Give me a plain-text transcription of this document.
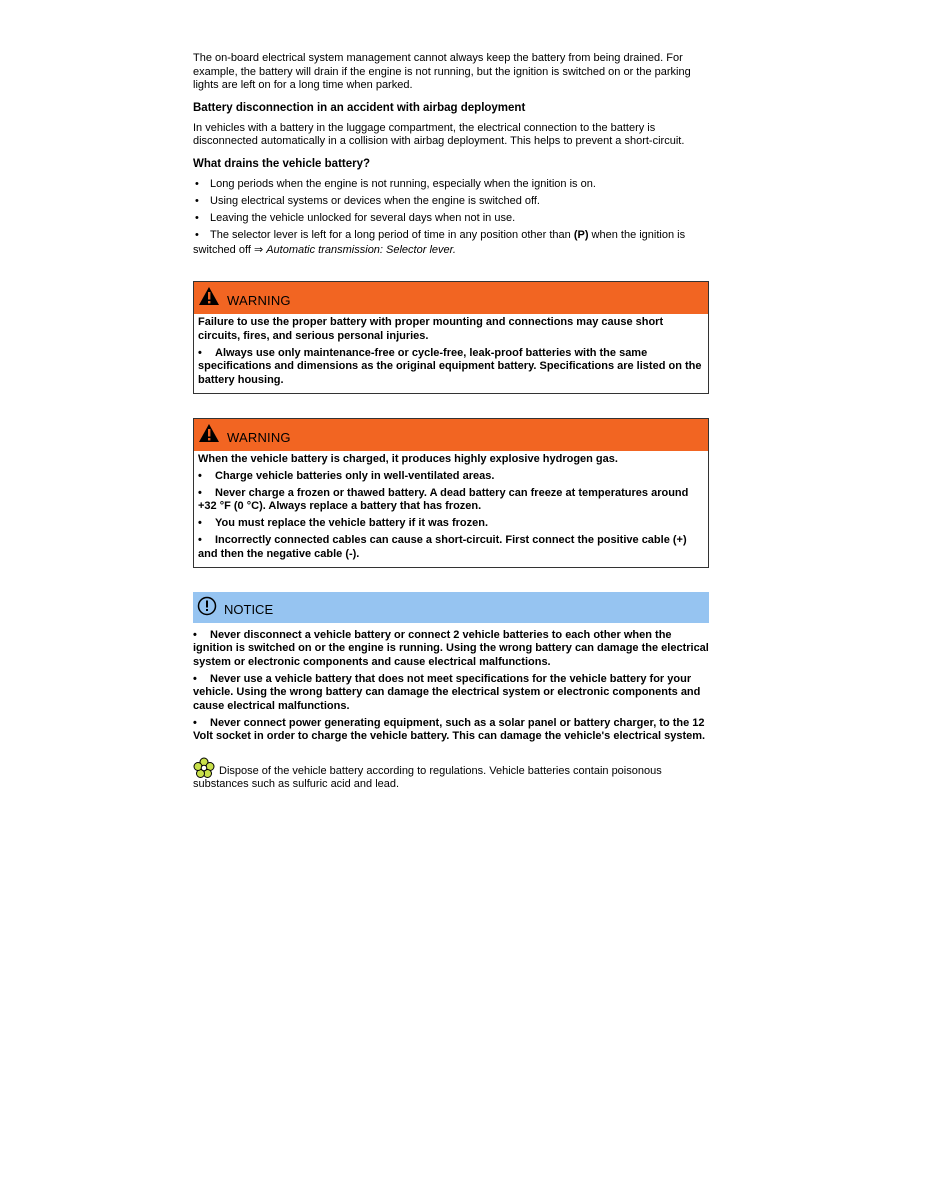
The on-board electrical system management cannot always keep the battery from being drained. For example, the battery will drain if the engine is not running, but the ignition is switched on or the parking lights are left on for a long time when parked.

Battery disconnection in an accident with airbag deployment

In vehicles with a battery in the luggage compartment, the electrical connection to the battery is disconnected automatically in a collision with airbag deployment. This helps to prevent a short-circuit.

What drains the vehicle battery?
• Long periods when the engine is not running, especially when the ignition is on.
• Using electrical systems or devices when the engine is switched off.
• Leaving the vehicle unlocked for several days when not in use.
• The selector lever is left for a long period of time in any position other than (P) when the ignition is

switched off ⇒ Automatic transmission: Selector lever.

WARNING

Failure to use the proper battery with proper mounting and connections may cause short circuits, fires, and serious personal injuries.

• Always use only maintenance-free or cycle-free, leak-proof batteries with the same specifications and dimensions as the original equipment battery. Specifications are listed on the battery housing.

WARNING

When the vehicle battery is charged, it produces highly explosive hydrogen gas.

• Charge vehicle batteries only in well-ventilated areas.

• Never charge a frozen or thawed battery. A dead battery can freeze at temperatures around +32 °F (0 °C). Always replace a battery that has frozen.

• You must replace the vehicle battery if it was frozen.

• Incorrectly connected cables can cause a short-circuit. First connect the positive cable (+) and then the negative cable (-).

NOTICE

• Never disconnect a vehicle battery or connect 2 vehicle batteries to each other when the ignition is switched on or the engine is running. Using the wrong battery can damage the electrical system or electronic components and cause electrical malfunctions.

• Never use a vehicle battery that does not meet specifications for the vehicle battery for your vehicle. Using the wrong battery can damage the electrical system or electronic components and cause electrical malfunctions.

• Never connect power generating equipment, such as a solar panel or battery charger, to the 12 Volt socket in order to charge the vehicle battery. This can damage the vehicle's electrical system.

Dispose of the vehicle battery according to regulations. Vehicle batteries contain poisonous substances such as sulfuric acid and lead.
